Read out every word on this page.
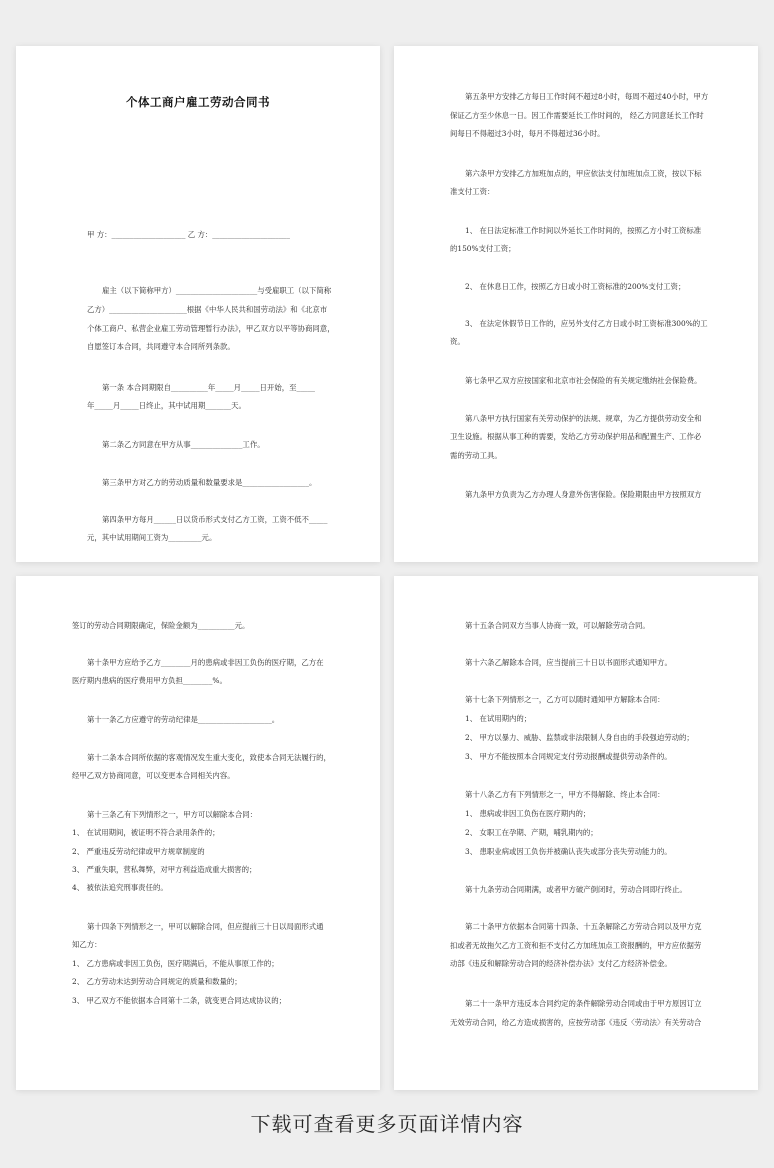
个体工商户雇工劳动合同书
甲 方：____________________ 乙 方：_____________________
雇主（以下简称甲方）______________________与受雇职工（以下简称
乙方）_____________________根据《中华人民共和国劳动法》和《北京市
个体工商户、私营企业雇工劳动管理暂行办法》，甲乙双方以平等协商同意，
自愿签订本合同，共同遵守本合同所列条款。
第一条 本合同期限自__________年_____月_____日开始，至_____
年_____月_____日终止，其中试用期_______天。
第二条乙方同意在甲方从事______________工作。
第三条甲方对乙方的劳动质量和数量要求是__________________。
第四条甲方每月______日以货币形式支付乙方工资，工资不低不_____
元，其中试用期间工资为_________元。
第五条甲方安排乙方每日工作时间不超过8小时，每周不超过40小时，甲方
保证乙方至少休息一日。因工作需要延长工作时间的， 经乙方同意延长工作时
间每日不得超过3小时，每月不得超过36小时。
第六条甲方安排乙方加班加点的，甲应依法支付加班加点工资，按以下标
准支付工资：
1、 在日法定标准工作时间以外延长工作时间的，按照乙方小时工资标准
的150%支付工资；
2、 在休息日工作，按照乙方日或小时工资标准的200%支付工资；
3、 在法定休假节日工作的，应另外支付乙方日或小时工资标准300%的工
资。
第七条甲乙双方应按国家和北京市社会保险的有关规定缴纳社会保险费。
第八条甲方执行国家有关劳动保护的法规、规章，为乙方提供劳动安全和
卫生设施。根据从事工种的需要，发给乙方劳动保护用品和配置生产、工作必
需的劳动工具。
第九条甲方负责为乙方办理人身意外伤害保险。保险期限由甲方按照双方
签订的劳动合同期限确定，保险金额为__________元。
第十条甲方应给予乙方________月的患病或非因工负伤的医疗期，乙方在
医疗期内患病的医疗费用甲方负担________%。
第十一条乙方应遵守的劳动纪律是____________________。
第十二条本合同所依据的客观情况发生重大变化，致使本合同无法履行的，
经甲乙双方协商同意，可以变更本合同相关内容。
第十三条乙有下列情形之一，甲方可以解除本合同：
1、 在试用期间，被证明不符合录用条件的；
2、 严重违反劳动纪律或甲方规章制度的
3、 严重失职，营私舞弊，对甲方利益造成重大损害的；
4、 被依法追究刑事责任的。
第十四条下列情形之一，甲可以解除合同，但应提前三十日以局面形式通
知乙方：
1、 乙方患病或非因工负伤，医疗期满后，不能从事原工作的；
2、 乙方劳动未达到劳动合同规定的质量和数量的；
3、 甲乙双方不能依据本合同第十二条，就变更合同达成协议的；
第十五条合同双方当事人协商一致，可以解除劳动合同。
第十六条乙解除本合同，应当提前三十日以书面形式通知甲方。
第十七条下列情形之一，乙方可以随时通知甲方解除本合同：
1、 在试用期内的；
2、 甲方以暴力、威胁、监禁或非法限制人身自由的手段强迫劳动的；
3、 甲方不能按照本合同规定支付劳动报酬或提供劳动条件的。
第十八条乙方有下列情形之一，甲方不得解除、终止本合同：
1、 患病或非因工负伤在医疗期内的；
2、 女职工在孕期、产期，哺乳期内的；
3、 患职业病或因工负伤并被确认丧失或部分丧失劳动能力的。
第十九条劳动合同期满，或者甲方破产倒闭时，劳动合同即行终止。
第二十条甲方依据本合同第十四条、十五条解除乙方劳动合同以及甲方克
扣或者无故拖欠乙方工资和拒不支付乙方加班加点工资报酬的，甲方应依据劳
动部《违反和解除劳动合同的经济补偿办法》支付乙方经济补偿金。
第二十一条甲方违反本合同约定的条件解除劳动合同或由于甲方原因订立
无效劳动合同，给乙方造成损害的，应按劳动部《违反〈劳动法〉有关劳动合
下载可查看更多页面详情内容
